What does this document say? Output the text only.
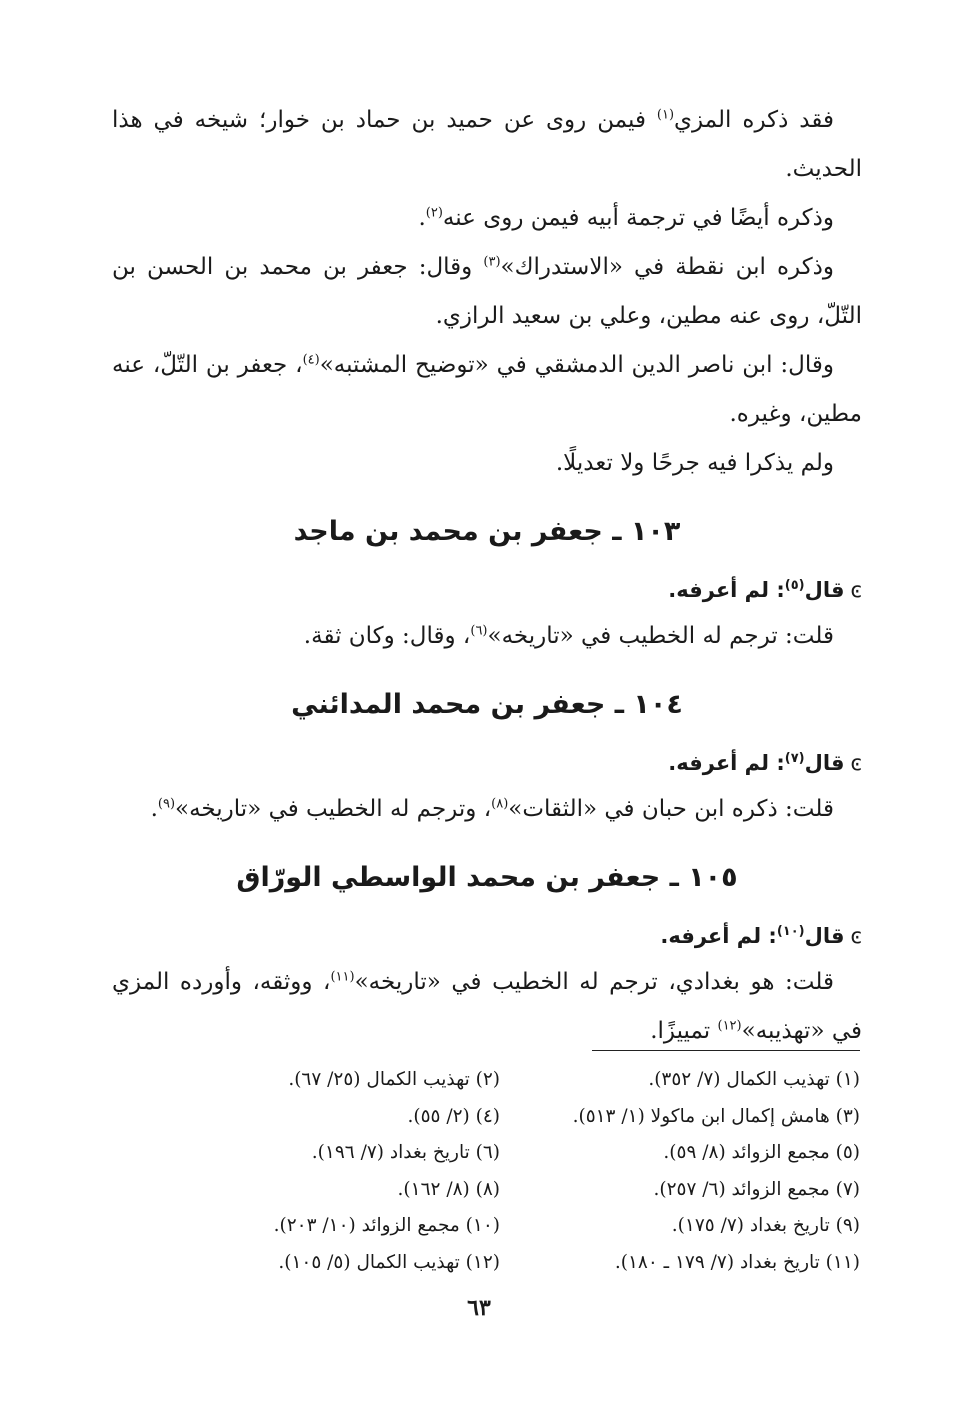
فقد ذكره المزي$^{(١)}$ فيمن روى عن حميد بن حماد بن خوار؛ شيخه في هذا الحديث.

وذكره أيضًا في ترجمة أبيه فيمن روى عنه$^{(٢)}$.

وذكره ابن نقطة في «الاستدراك»$^{(٣)}$ وقال: جعفر بن محمد بن الحسن بن التّلّ، روى عنه مطين، وعلي بن سعيد الرازي.

وقال: ابن ناصر الدين الدمشقي في «توضيح المشتبه»$^{(٤)}$، جعفر بن التّلّ، عنه مطين، وغيره.

ولم يذكرا فيه جرحًا ولا تعديلًا.

١٠٣ ـ جعفر بن محمد بن ماجد

ͼقال$^{(٥)}$: لم أعرفه.

قلت: ترجم له الخطيب في «تاريخه»$^{(٦)}$، وقال: وكان ثقة.

١٠٤ ـ جعفر بن محمد المدائني

ͼقال$^{(٧)}$: لم أعرفه.

قلت: ذكره ابن حبان في «الثقات»$^{(٨)}$، وترجم له الخطيب في «تاريخه»$^{(٩)}$.

١٠٥ ـ جعفر بن محمد الواسطي الورّاق

ͼقال$^{(١٠)}$: لم أعرفه.

قلت: هو بغدادي، ترجم له الخطيب في «تاريخه»$^{(١١)}$، ووثقه، وأورده المزي في «تهذيبه»$^{(١٢)}$ تمييزًا.

(١) تهذيب الكمال (٧/ ٣٥٢).
(٢) تهذيب الكمال (٢٥/ ٦٧).
(٣) هامش إكمال ابن ماكولا (١/ ٥١٣).
(٤) (٢/ ٥٥).
(٥) مجمع الزوائد (٨/ ٥٩).
(٦) تاريخ بغداد (٧/ ١٩٦).
(٧) مجمع الزوائد (٦/ ٢٥٧).
(٨) (٨/ ١٦٢).
(٩) تاريخ بغداد (٧/ ١٧٥).
(١٠) مجمع الزوائد (١٠/ ٢٠٣).
(١١) تاريخ بغداد (٧/ ١٧٩ ـ ١٨٠).
(١٢) تهذيب الكمال (٥/ ١٠٥).
٦٣
